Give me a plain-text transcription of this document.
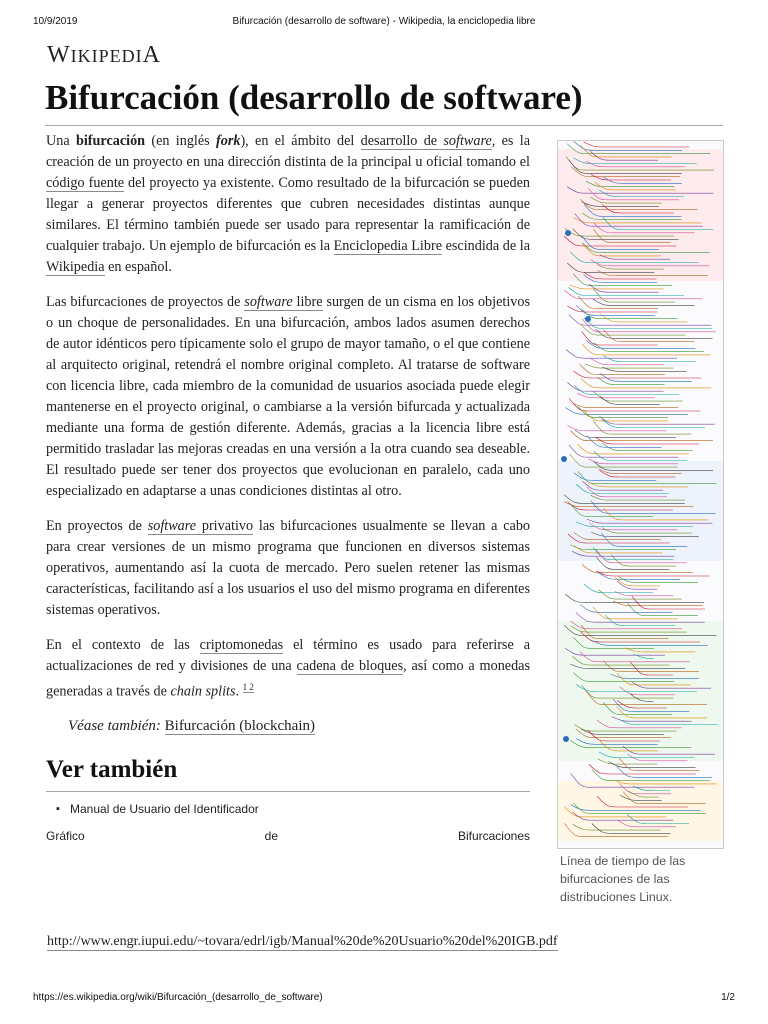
10/9/2019	Bifurcación (desarrollo de software) - Wikipedia, la enciclopedia libre
WIKIPEDIA
Bifurcación (desarrollo de software)

Una bifurcación (en inglés fork), en el ámbito del desarrollo de software, es la creación de un proyecto en una dirección distinta de la principal u oficial tomando el código fuente del proyecto ya existente. Como resultado de la bifurcación se pueden llegar a generar proyectos diferentes que cubren necesidades distintas aunque similares. El término también puede ser usado para representar la ramificación de cualquier trabajo. Un ejemplo de bifurcación es la Enciclopedia Libre escindida de la Wikipedia en español.

Las bifurcaciones de proyectos de software libre surgen de un cisma en los objetivos o un choque de personalidades. En una bifurcación, ambos lados asumen derechos de autor idénticos pero típicamente solo el grupo de mayor tamaño, o el que contiene al arquitecto original, retendrá el nombre original completo. Al tratarse de software con licencia libre, cada miembro de la comunidad de usuarios asociada puede elegir mantenerse en el proyecto original, o cambiarse a la versión bifurcada y actualizada mediante una forma de gestión diferente. Además, gracias a la licencia libre está permitido trasladar las mejoras creadas en una versión a la otra cuando sea deseable. El resultado puede ser tener dos proyectos que evolucionan en paralelo, cada uno especializado en adaptarse a unas condiciones distintas al otro.

En proyectos de software privativo las bifurcaciones usualmente se llevan a cabo para crear versiones de un mismo programa que funcionen en diversos sistemas operativos, aumentando así la cuota de mercado. Pero suelen retener las mismas características, facilitando así a los usuarios el uso del mismo programa en diferentes sistemas operativos.

En el contexto de las criptomonedas el término es usado para referirse a actualizaciones de red y divisiones de una cadena de bloques, así como a monedas generadas a través de chain splits. $^{1 2}$

Véase también: Bifurcación (blockchain)
Ver también
▪ Manual de Usuario del Identificador
Gráfico	de	Bifurcaciones
Línea de tiempo de las bifurcaciones de las distribuciones Linux.
http://www.engr.iupui.edu/~tovara/edrl/igb/Manual%20de%20Usuario%20del%20IGB.pdf
https://es.wikipedia.org/wiki/Bifurcación_(desarrollo_de_software)	1/2
